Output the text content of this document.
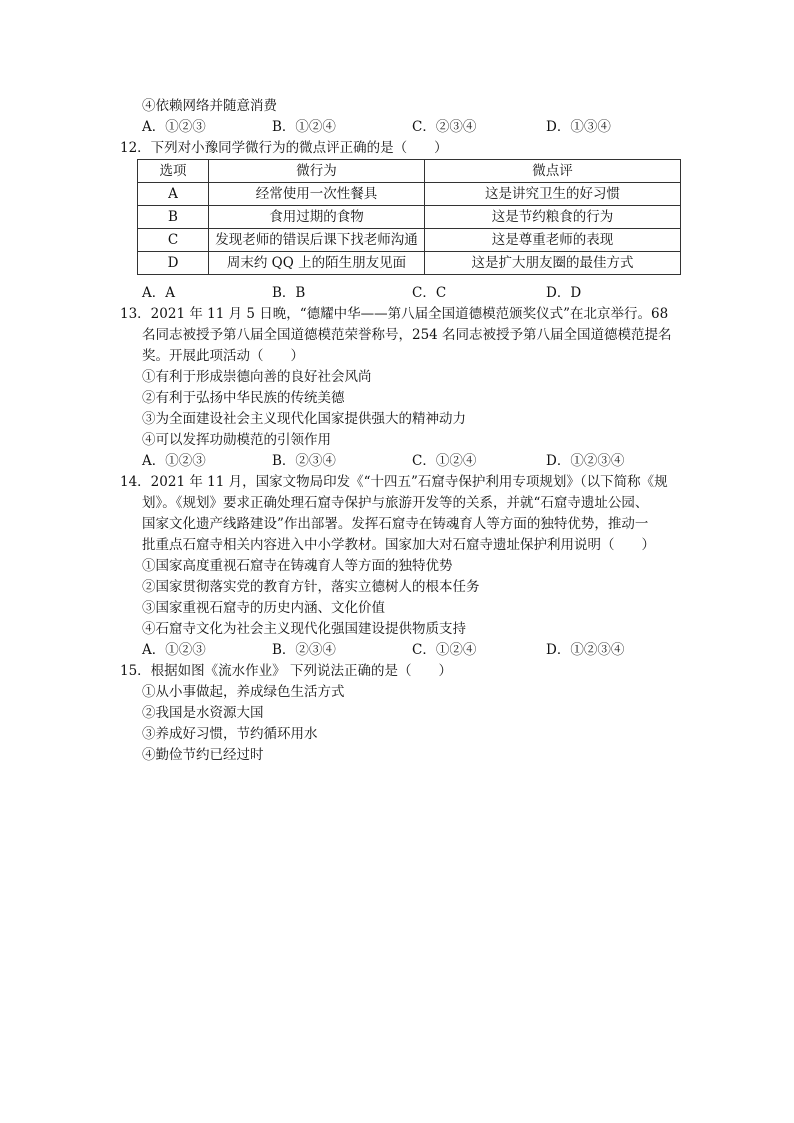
④依赖网络并随意消费
A．①②③	B．①②④	C．②③④	D．①③④
12．下列对小豫同学微行为的微点评正确的是（　　）
选项	微行为	微点评
A	经常使用一次性餐具	这是讲究卫生的好习惯
B	食用过期的食物	这是节约粮食的行为
C	发现老师的错误后课下找老师沟通	这是尊重老师的表现
D	周末约 QQ 上的陌生朋友见面	这是扩大朋友圈的最佳方式
A．A	B．B	C．C	D．D
13．2021 年 11 月 5 日晚，“德耀中华——第八届全国道德模范颁奖仪式”在北京举行。68
名同志被授予第八届全国道德模范荣誉称号，254 名同志被授予第八届全国道德模范提名
奖。开展此项活动（　　）
①有利于形成崇德向善的良好社会风尚
②有利于弘扬中华民族的传统美德
③为全面建设社会主义现代化国家提供强大的精神动力
④可以发挥功勋模范的引领作用
A．①②③	B．②③④	C．①②④	D．①②③④
14．2021 年 11 月，国家文物局印发《“十四五”石窟寺保护利用专项规划》（以下简称《规
划》。《规划》要求正确处理石窟寺保护与旅游开发等的关系，并就“石窟寺遗址公园、
国家文化遗产线路建设”作出部署。发挥石窟寺在铸魂育人等方面的独特优势，推动一
批重点石窟寺相关内容进入中小学教材。国家加大对石窟寺遗址保护利用说明（　　）
①国家高度重视石窟寺在铸魂育人等方面的独特优势
②国家贯彻落实党的教育方针，落实立德树人的根本任务
③国家重视石窟寺的历史内涵、文化价值
④石窟寺文化为社会主义现代化强国建设提供物质支持
A．①②③	B．②③④	C．①②④	D．①②③④
15．根据如图《流水作业》 下列说法正确的是（　　）
①从小事做起，养成绿色生活方式
②我国是水资源大国
③养成好习惯，节约循环用水
④勤俭节约已经过时
